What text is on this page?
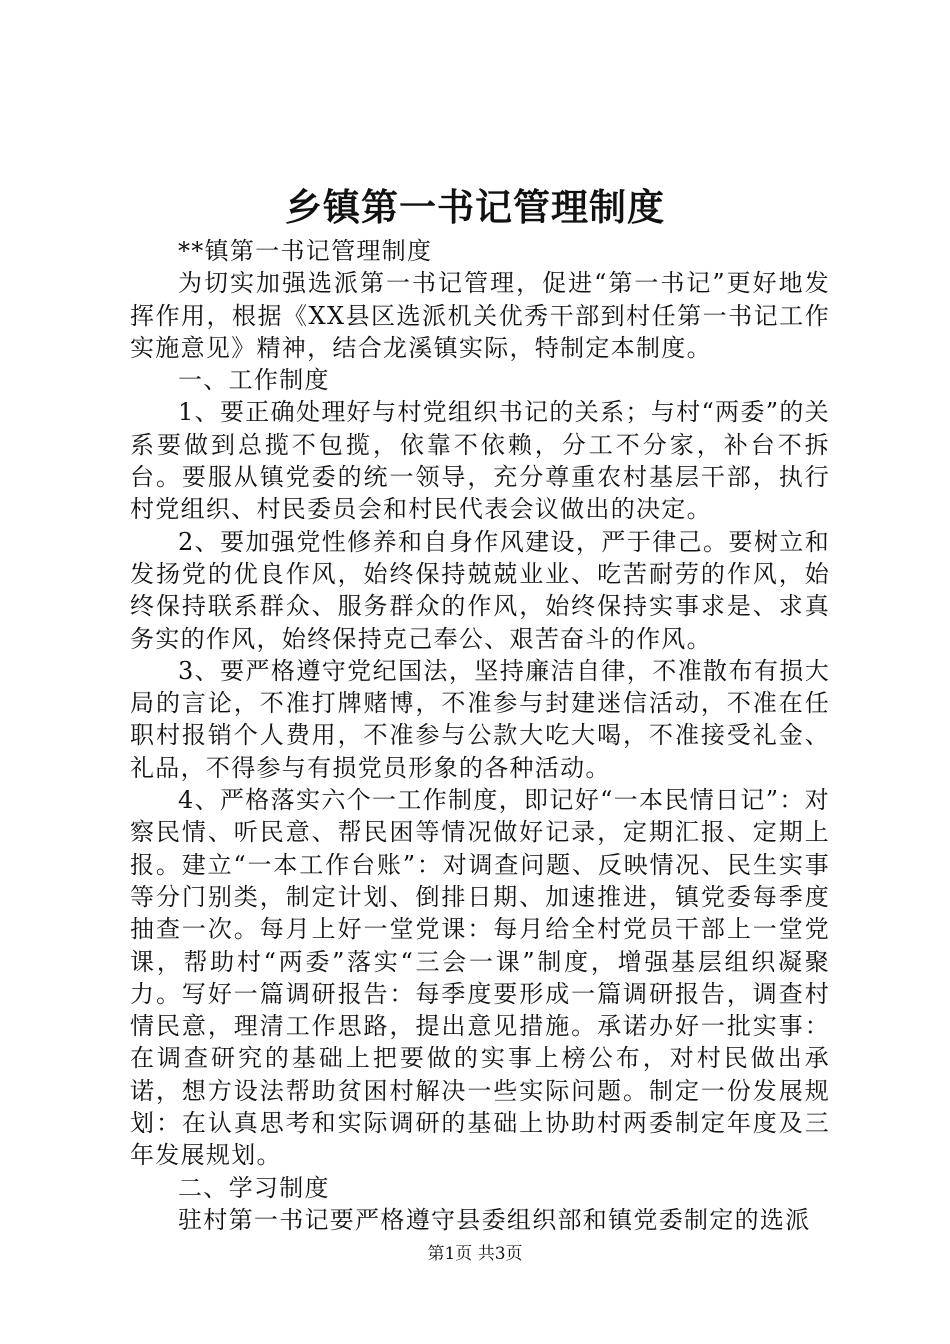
乡镇第一书记管理制度

**镇第一书记管理制度

为切实加强选派第一书记管理，促进“第一书记”更好地发挥作用，根据《XX县区选派机关优秀干部到村任第一书记工作实施意见》精神，结合龙溪镇实际，特制定本制度。

一、工作制度

1、要正确处理好与村党组织书记的关系；与村“两委”的关系要做到总揽不包揽，依靠不依赖，分工不分家，补台不拆台。要服从镇党委的统一领导，充分尊重农村基层干部，执行村党组织、村民委员会和村民代表会议做出的决定。

2、要加强党性修养和自身作风建设，严于律己。要树立和发扬党的优良作风，始终保持兢兢业业、吃苦耐劳的作风，始终保持联系群众、服务群众的作风，始终保持实事求是、求真务实的作风，始终保持克己奉公、艰苦奋斗的作风。

3、要严格遵守党纪国法，坚持廉洁自律，不准散布有损大局的言论，不准打牌赌博，不准参与封建迷信活动，不准在任职村报销个人费用，不准参与公款大吃大喝，不准接受礼金、礼品，不得参与有损党员形象的各种活动。

4、严格落实六个一工作制度，即记好“一本民情日记”：对察民情、听民意、帮民困等情况做好记录，定期汇报、定期上报。建立“一本工作台账”：对调查问题、反映情况、民生实事等分门别类，制定计划、倒排日期、加速推进，镇党委每季度抽查一次。每月上好一堂党课：每月给全村党员干部上一堂党课，帮助村“两委”落实“三会一课”制度，增强基层组织凝聚力。写好一篇调研报告：每季度要形成一篇调研报告，调查村情民意，理清工作思路，提出意见措施。承诺办好一批实事：在调查研究的基础上把要做的实事上榜公布，对村民做出承诺，想方设法帮助贫困村解决一些实际问题。制定一份发展规划：在认真思考和实际调研的基础上协助村两委制定年度及三年发展规划。

二、学习制度

驻村第一书记要严格遵守县委组织部和镇党委制定的选派

第1页 共3页
